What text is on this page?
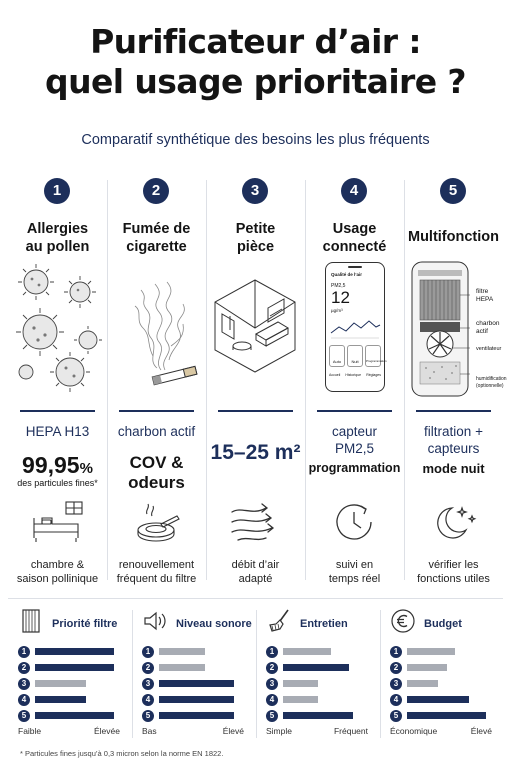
Purificateur d’air :
quel usage prioritaire ?
Comparatif synthétique des besoins les plus fréquents
1
Allergies
au pollen
HEPA H13
99,95%
des particules fines*
chambre &
saison pollinique
2
Fumée de
cigarette
charbon actif
COV &
odeurs
renouvellement
fréquent du filtre
3
Petite
pièce
15–25 m²
débit d’air
adapté
4
Usage
connecté
Qualité de l’air
PM2,5
12
µg/m³
Auto	Nuit	Programmation
Accueil Historique Réglages
capteur
PM2,5
programmation
suivi en
temps réel
5
Multifonction
filtre
HEPA
charbon
actif
ventilateur
humidification
(optionnelle)
filtration +
capteurs
mode nuit
vérifier les
fonctions utiles
Priorité filtre
1
2
3
4
5
Faible	Élevée
Niveau sonore
1
2
3
4
5
Bas	Élevé
Entretien
1
2
3
4
5
Simple	Fréquent
Budget
1
2
3
4
5
Économique	Élevé
* Particules fines jusqu’à 0,3 micron selon la norme EN 1822.
